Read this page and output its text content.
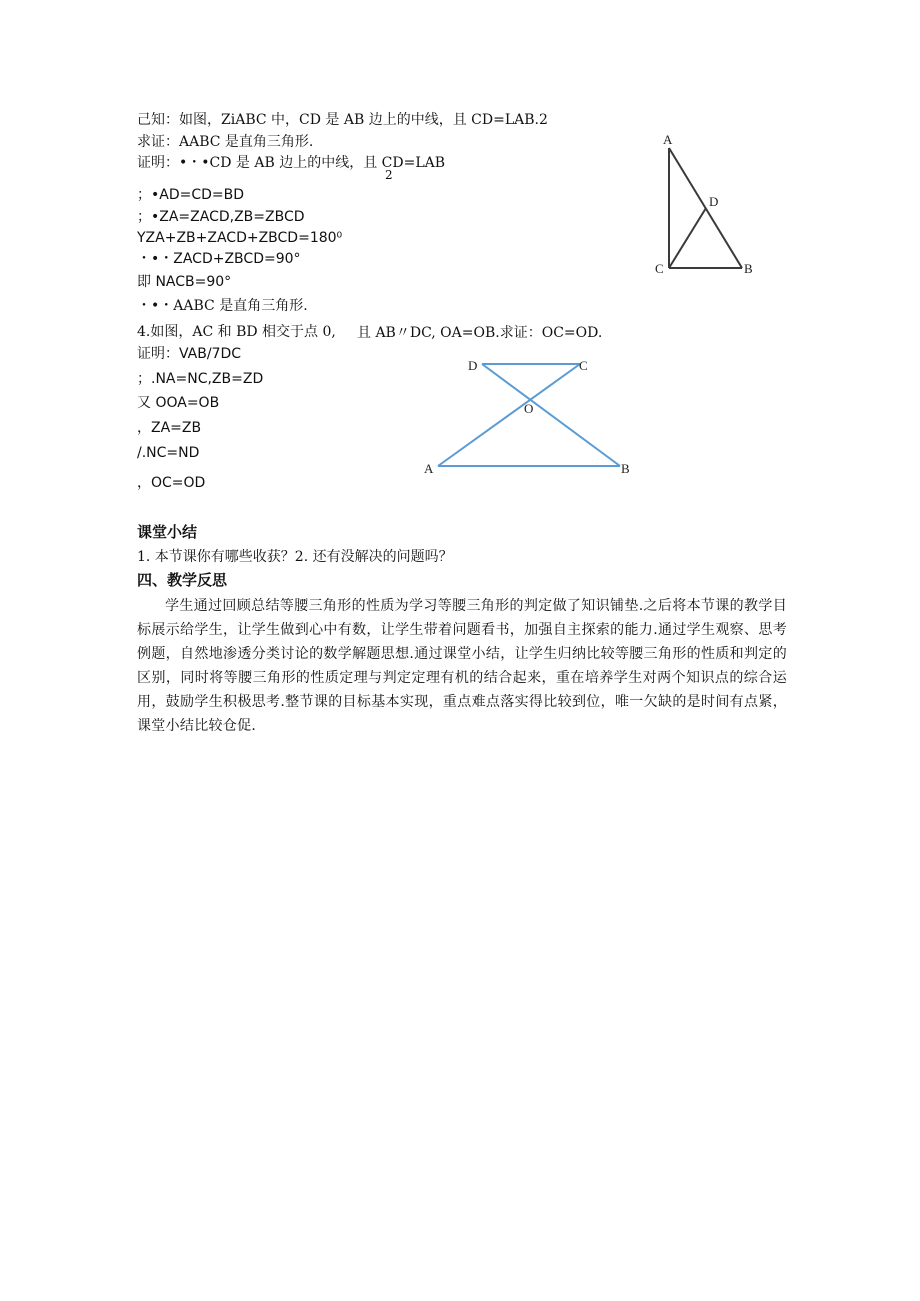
己知：如图，ZiABC 中，CD 是 AB 边上的中线，且 CD=LAB.2
求证：AABC 是直角三角形.
证明：•・•CD 是 AB 边上的中线，且 CD=LAB
2
；•AD=CD=BD
；•ZA=ZACD,ZB=ZBCD
YZA+ZB+ZACD+ZBCD=180⁰
・•・ZACD+ZBCD=90°
即 NACB=90°
・•・AABC 是直角三角形.
A
D
C	B
4.如图，AC 和 BD 相交于点 0, 且 AB〃DC, OA=OB.求证：OC=OD.
证明：VAB/7DC
；.NA=NC,ZB=ZD
又 OOA=OB
，ZA=ZB
/.NC=ND
，OC=OD
D	C
O
A	B
课堂小结
1. 本节课你有哪些收获？2. 还有没解决的问题吗？
四、教学反思
学生通过回顾总结等腰三角形的性质为学习等腰三角形的判定做了知识铺垫.之后将本节课的教学目标展示给学生，让学生做到心中有数，让学生带着问题看书，加强自主探索的能力.通过学生观察、思考例题，自然地渗透分类讨论的数学解题思想.通过课堂小结，让学生归纳比较等腰三角形的性质和判定的区别，同时将等腰三角形的性质定理与判定定理有机的结合起来，重在培养学生对两个知识点的综合运用，鼓励学生积极思考.整节课的目标基本实现，重点难点落实得比较到位，唯一欠缺的是时间有点紧，课堂小结比较仓促.
